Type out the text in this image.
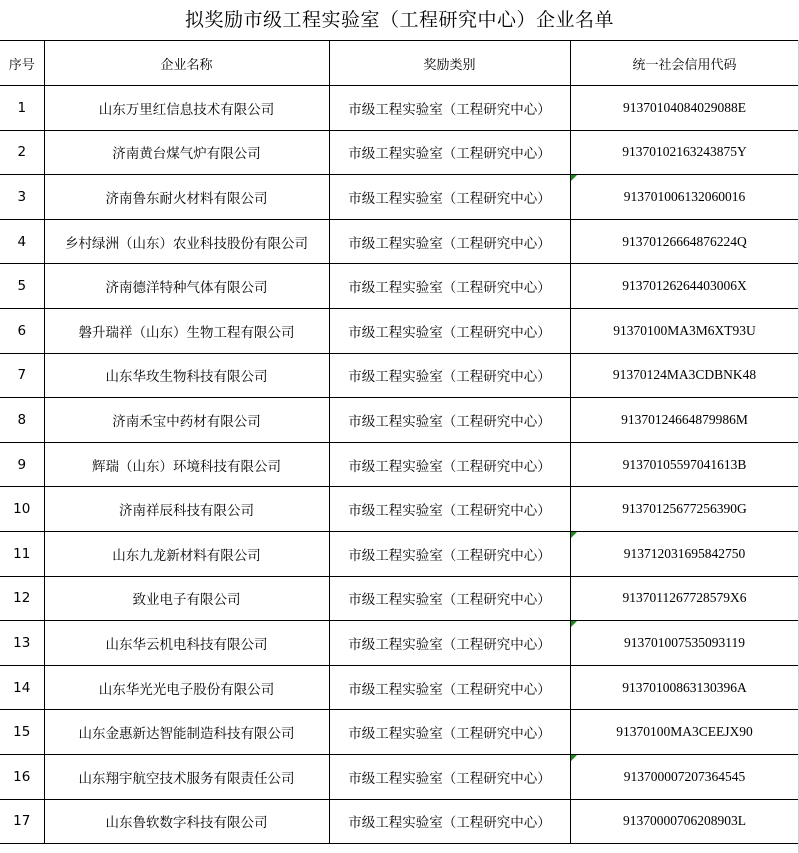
拟奖励市级工程实验室（工程研究中心）企业名单
序号	企业名称	奖励类别	统一社会信用代码
1	山东万里红信息技术有限公司	市级工程实验室（工程研究中心）	91370104084029088E
2	济南黄台煤气炉有限公司	市级工程实验室（工程研究中心）	91370102163243875Y
3	济南鲁东耐火材料有限公司	市级工程实验室（工程研究中心）	913701006132060016
4	乡村绿洲（山东）农业科技股份有限公司	市级工程实验室（工程研究中心）	91370126664876224Q
5	济南德洋特种气体有限公司	市级工程实验室（工程研究中心）	91370126264403006X
6	磐升瑞祥（山东）生物工程有限公司	市级工程实验室（工程研究中心）	91370100MA3M6XT93U
7	山东华玫生物科技有限公司	市级工程实验室（工程研究中心）	91370124MA3CDBNK48
8	济南禾宝中药材有限公司	市级工程实验室（工程研究中心）	91370124664879986M
9	辉瑞（山东）环境科技有限公司	市级工程实验室（工程研究中心）	91370105597041613B
10	济南祥辰科技有限公司	市级工程实验室（工程研究中心）	91370125677256390G
11	山东九龙新材料有限公司	市级工程实验室（工程研究中心）	913712031695842750
12	致业电子有限公司	市级工程实验室（工程研究中心）	9137011267728579X6
13	山东华云机电科技有限公司	市级工程实验室（工程研究中心）	913701007535093119
14	山东华光光电子股份有限公司	市级工程实验室（工程研究中心）	91370100863130396A
15	山东金惠新达智能制造科技有限公司	市级工程实验室（工程研究中心）	91370100MA3CEEJX90
16	山东翔宇航空技术服务有限责任公司	市级工程实验室（工程研究中心）	913700007207364545
17	山东鲁软数字科技有限公司	市级工程实验室（工程研究中心）	91370000706208903L
